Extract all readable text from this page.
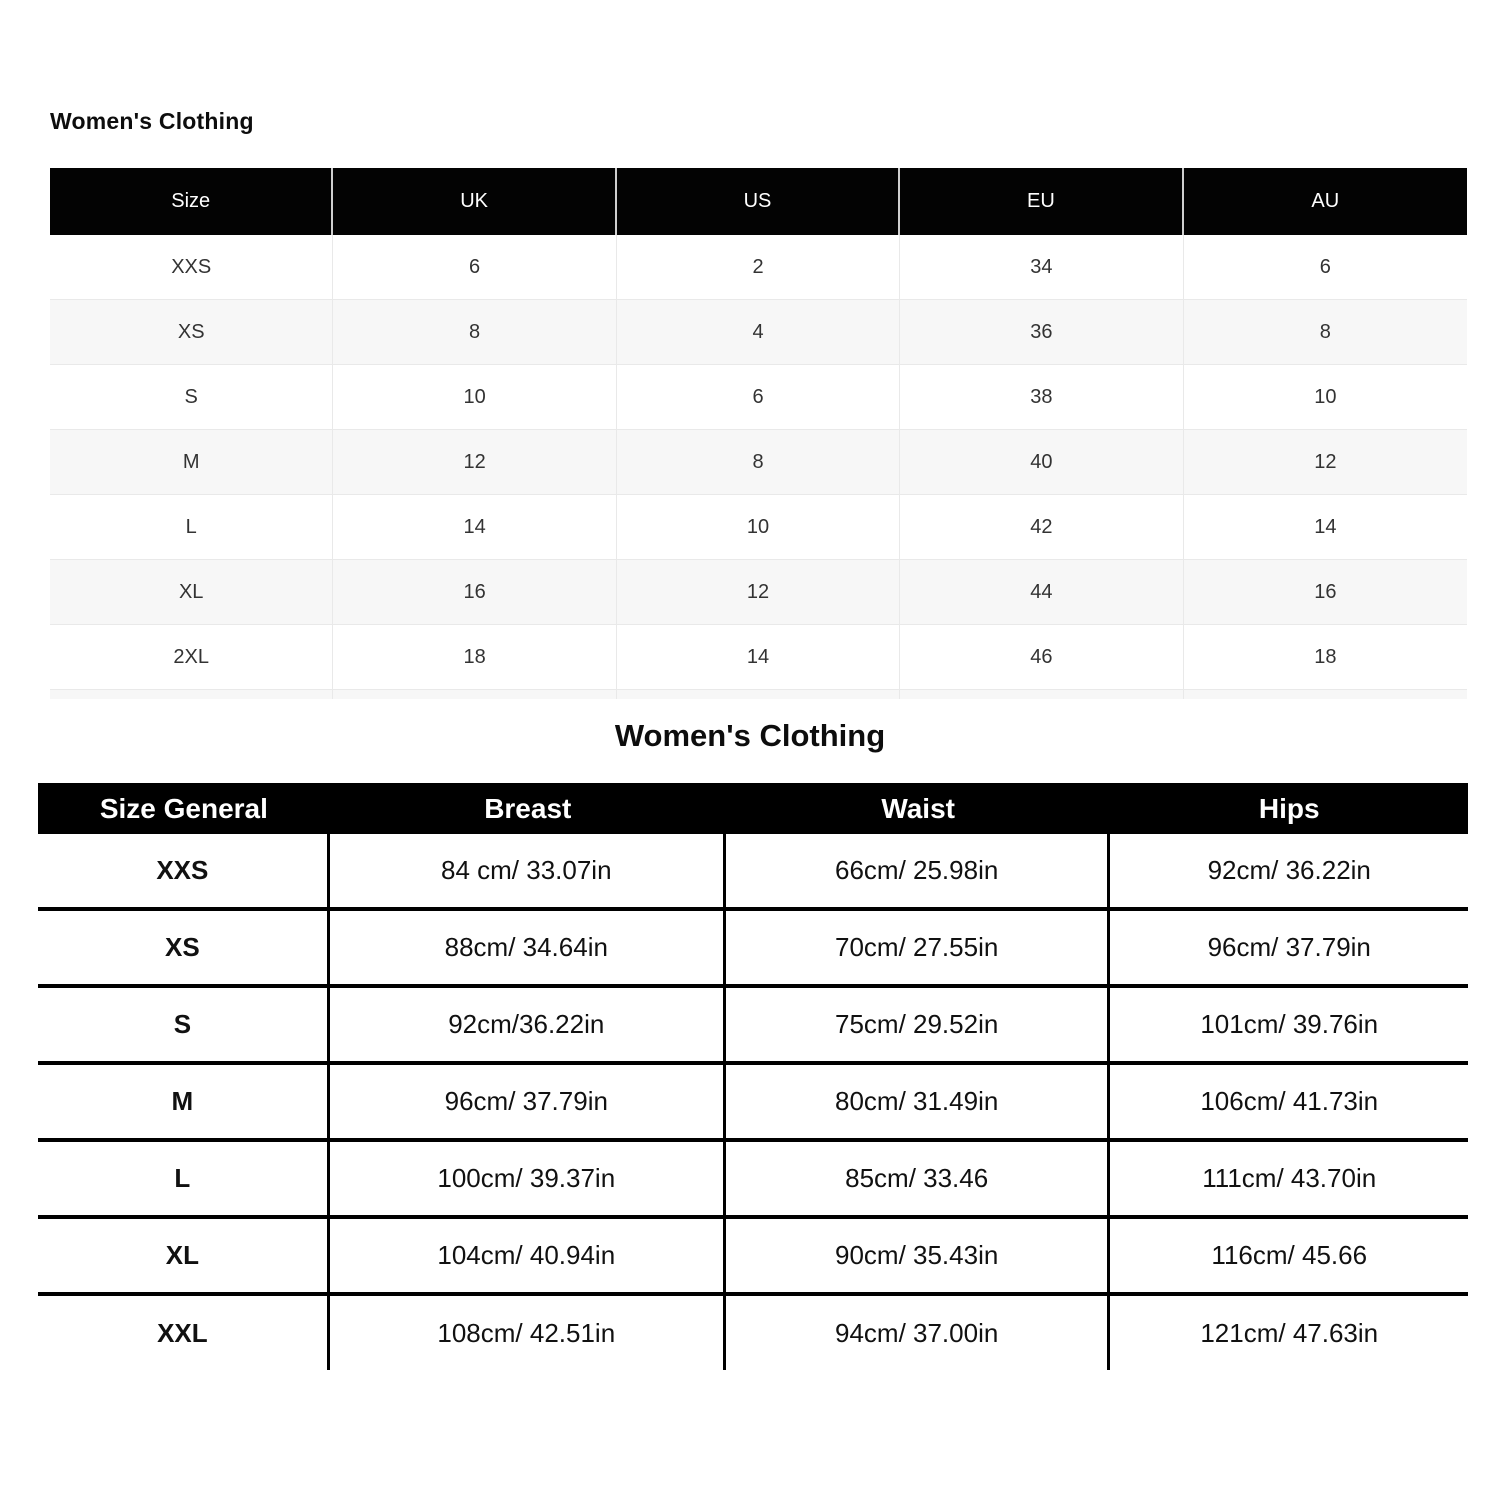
Women's Clothing
Size	UK	US	EU	AU
XXS	6	2	34	6
XS	8	4	36	8
S	10	6	38	10
M	12	8	40	12
L	14	10	42	14
XL	16	12	44	16
2XL	18	14	46	18
Women's Clothing
Size General	Breast	Waist	Hips
XXS	84 cm/ 33.07in	66cm/ 25.98in	92cm/ 36.22in
XS	88cm/ 34.64in	70cm/ 27.55in	96cm/ 37.79in
S	92cm/36.22in	75cm/ 29.52in	101cm/ 39.76in
M	96cm/ 37.79in	80cm/ 31.49in	106cm/ 41.73in
L	100cm/ 39.37in	85cm/ 33.46	111cm/ 43.70in
XL	104cm/ 40.94in	90cm/ 35.43in	116cm/ 45.66
XXL	108cm/ 42.51in	94cm/ 37.00in	121cm/ 47.63in
